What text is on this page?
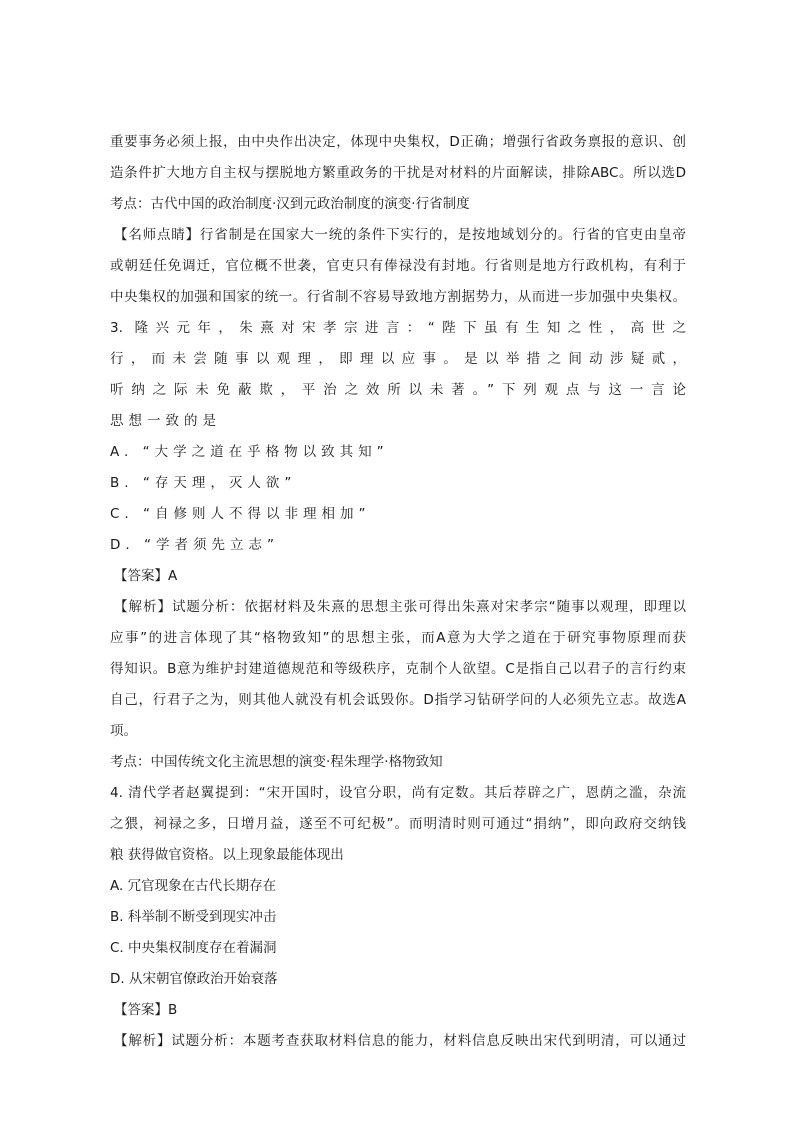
重要事务必须上报，由中央作出决定，体现中央集权，D正确；增强行省政务禀报的意识、创
造条件扩大地方自主权与摆脱地方繁重政务的干扰是对材料的片面解读，排除ABC。所以选D
考点：古代中国的政治制度·汉到元政治制度的演变·行省制度
【名师点睛】行省制是在国家大一统的条件下实行的，是按地域划分的。行省的官吏由皇帝
或朝廷任免调迁，官位概不世袭，官吏只有俸禄没有封地。行省则是地方行政机构，有利于
中央集权的加强和国家的统一。行省制不容易导致地方割据势力，从而进一步加强中央集权。
3. 隆兴元年，朱熹对宋孝宗进言：“陛下虽有生知之性，高世之
行，而未尝随事以观理，即理以应事。是以举措之间动涉疑贰，
听纳之际未免蔽欺，平治之效所以未著。”下列观点与这一言论
思想一致的是
A. “大学之道在乎格物以致其知”
B. “存天理，灭人欲”
C. “自修则人不得以非理相加”
D. “学者须先立志”
【答案】A
【解析】试题分析：依据材料及朱熹的思想主张可得出朱熹对宋孝宗“随事以观理，即理以
应事”的进言体现了其“格物致知”的思想主张，而A意为大学之道在于研究事物原理而获
得知识。B意为维护封建道德规范和等级秩序，克制个人欲望。C是指自己以君子的言行约束
自己，行君子之为，则其他人就没有机会诋毁你。D指学习钻研学问的人必须先立志。故选A
项。
考点：中国传统文化主流思想的演变·程朱理学·格物致知
4. 清代学者赵翼提到：“宋开国时，设官分职，尚有定数。其后荐辟之广，恩荫之滥，杂流
之猥，祠禄之多，日增月益，遂至不可纪极”。而明清时则可通过“捐纳”，即向政府交纳钱
粮 获得做官资格。以上现象最能体现出
A. 冗官现象在古代长期存在
B. 科举制不断受到现实冲击
C. 中央集权制度存在着漏洞
D. 从宋朝官僚政治开始衰落
【答案】B
【解析】试题分析：本题考查获取材料信息的能力，材料信息反映出宋代到明清，可以通过
